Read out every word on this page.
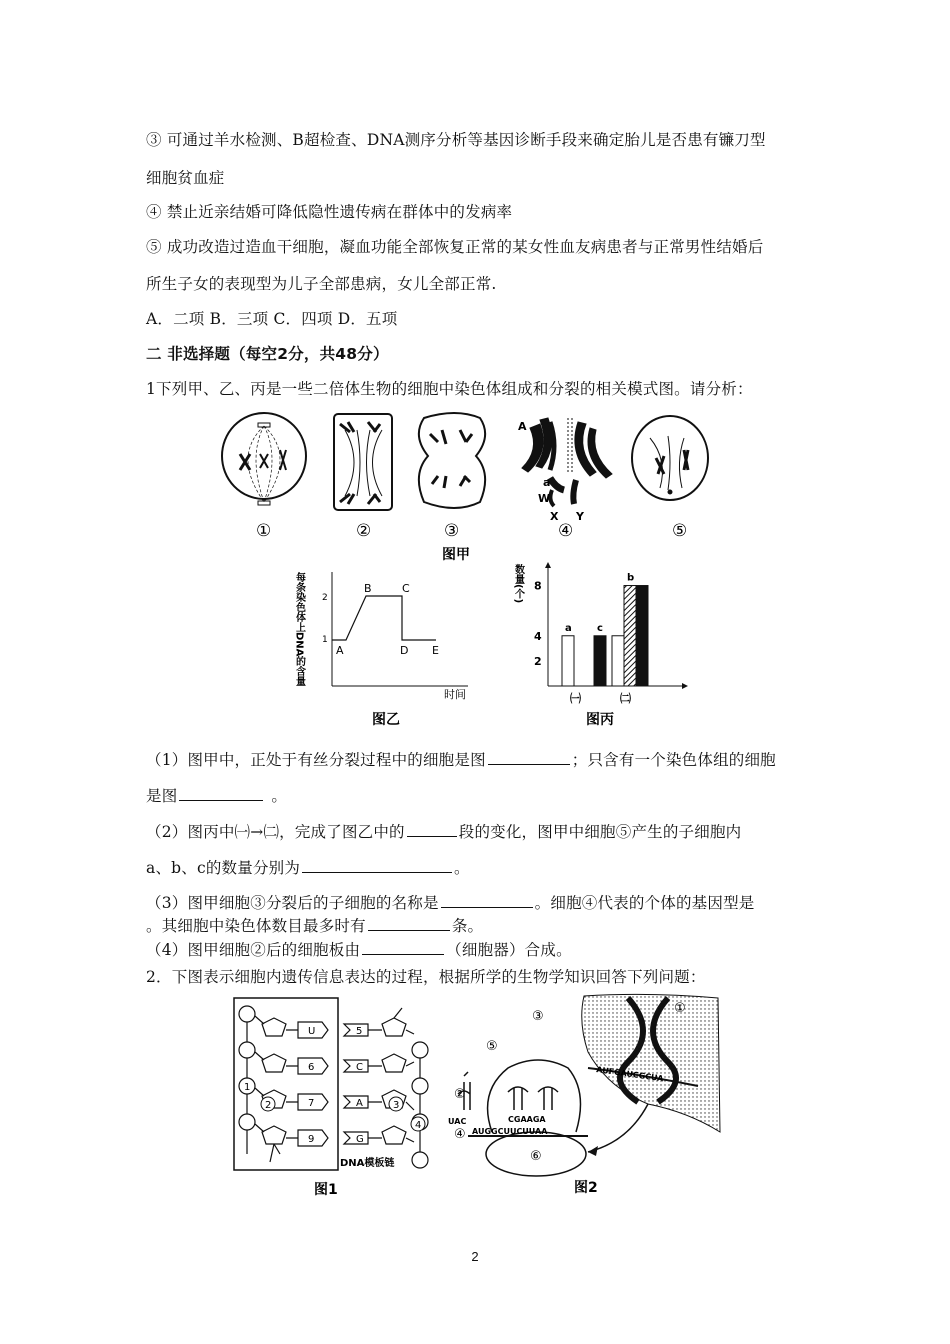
③ 可通过羊水检测、B超检查、DNA测序分析等基因诊断手段来确定胎儿是否患有镰刀型
细胞贫血症
④ 禁止近亲结婚可降低隐性遗传病在群体中的发病率
⑤ 成功改造过造血干细胞，凝血功能全部恢复正常的某女性血友病患者与正常男性结婚后
所生子女的表现型为儿子全部患病，女儿全部正常.
A．二项 B．三项 C．四项 D．五项
二 非选择题（每空2分，共48分）
1下列甲、乙、丙是一些二倍体生物的细胞中染色体组成和分裂的相关模式图。请分析：
①	②	③
A
a
W
X Y
④	⑤
图甲
每条染色体上DNA的含量 2
1
A
B	C
D E
时间
图乙
数量(个)
2
4
8
a	c
㈠
b
㈡
图丙
（1）图甲中，正处于有丝分裂过程中的细胞是图	；只含有一个染色体组的细胞
是图	。
（2）图丙中㈠→㈡，完成了图乙中的	段的变化，图甲中细胞⑤产生的子细胞内
a、b、c的数量分别为	。
（3）图甲细胞③分裂后的子细胞的名称是	。细胞④代表的个体的基因型是
。其细胞中染色体数目最多时有	条。
（4）图甲细胞②后的细胞板由	（细胞器）合成。
2．下图表示细胞内遗传信息表达的过程，根据所学的生物学知识回答下列问题：
U
6
7
9
1
2
5
C
A
G
3
4
DNA模板链
图1
①
AUFGAUCGCUA
③
⑤
②
④
UAC	CGAAGA
AUGGCUUCUUAA
⑥
图2
2
